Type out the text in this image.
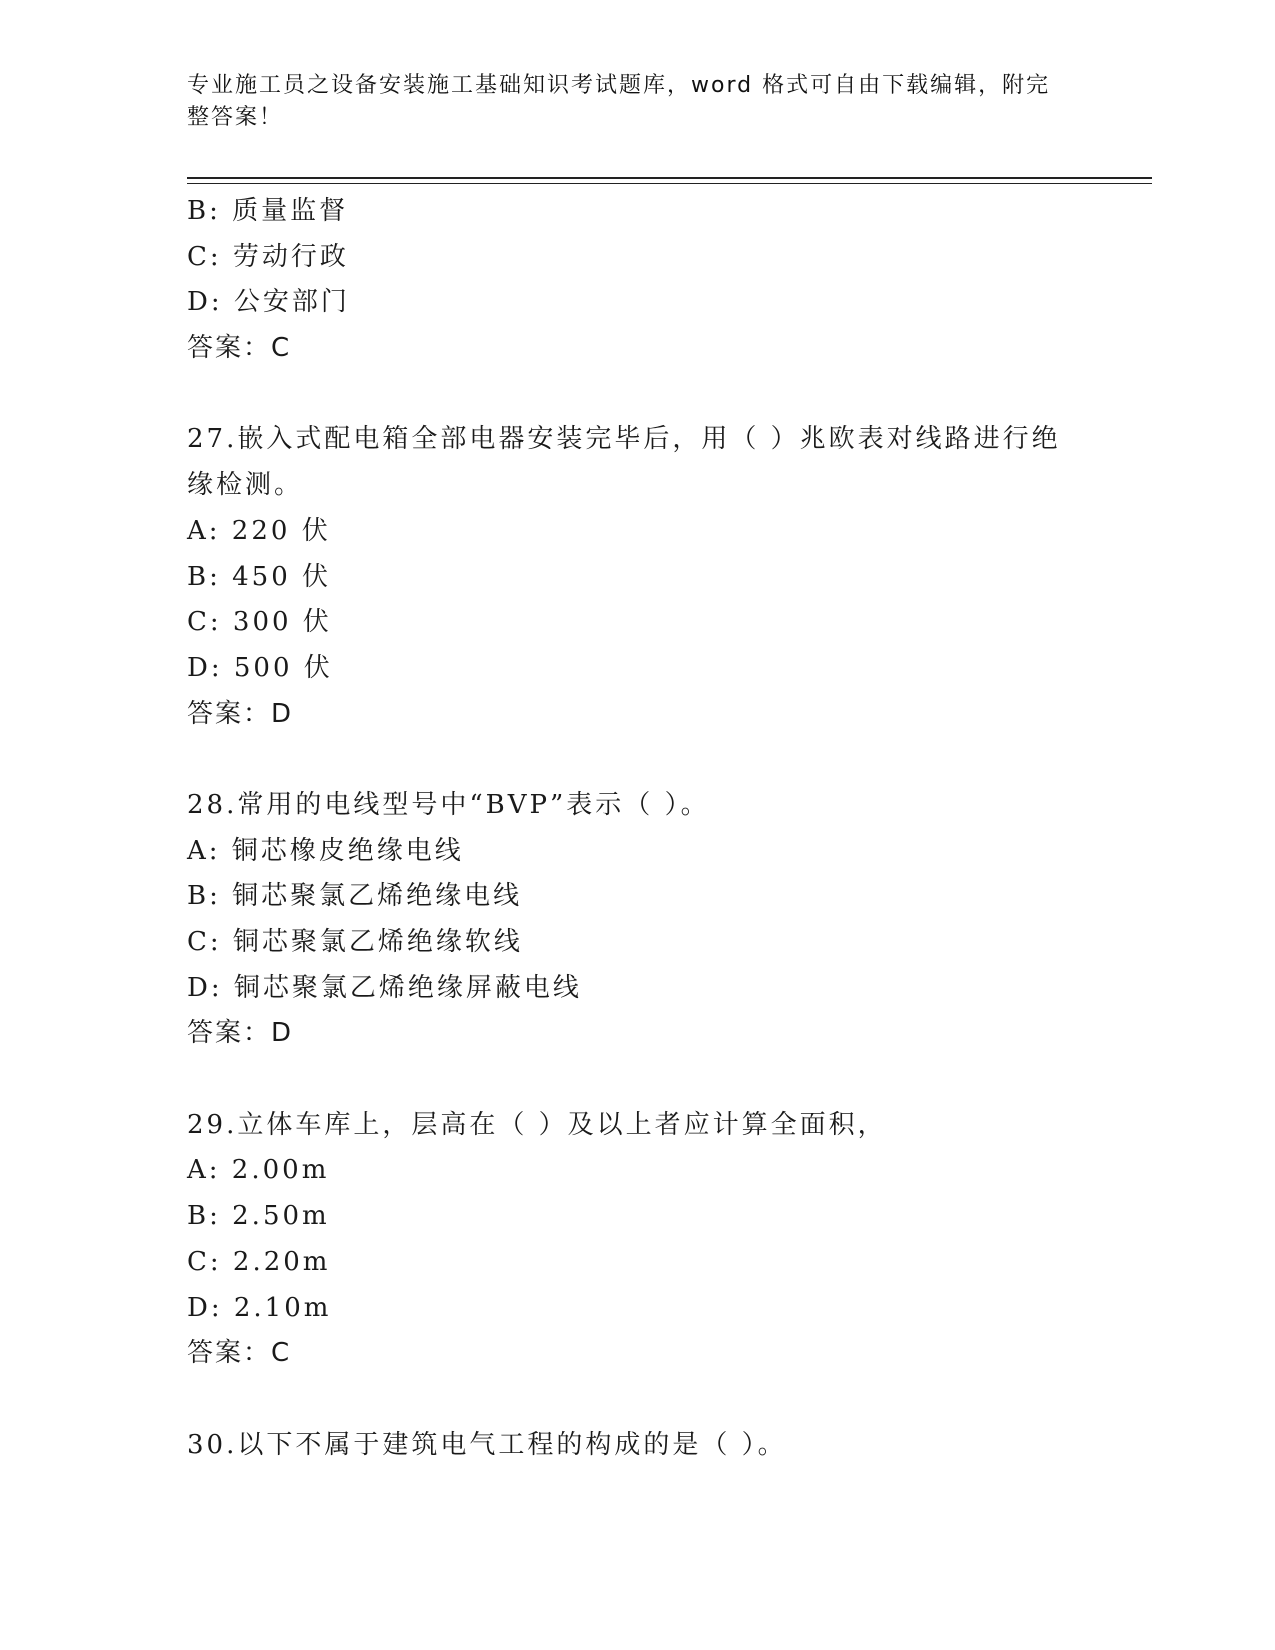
专业施工员之设备安装施工基础知识考试题库，word 格式可自由下载编辑，附完
整答案！
B: 质量监督
C: 劳动行政
D: 公安部门
答案：C
27.嵌入式配电箱全部电器安装完毕后，用（ ）兆欧表对线路进行绝
缘检测。
A: 220 伏
B: 450 伏
C: 300 伏
D: 500 伏
答案：D
28.常用的电线型号中“BVP”表示（ ）。
A: 铜芯橡皮绝缘电线
B: 铜芯聚氯乙烯绝缘电线
C: 铜芯聚氯乙烯绝缘软线
D: 铜芯聚氯乙烯绝缘屏蔽电线
答案：D
29.立体车库上，层高在（ ）及以上者应计算全面积，
A: 2.00m
B: 2.50m
C: 2.20m
D: 2.10m
答案：C
30.以下不属于建筑电气工程的构成的是（ ）。
